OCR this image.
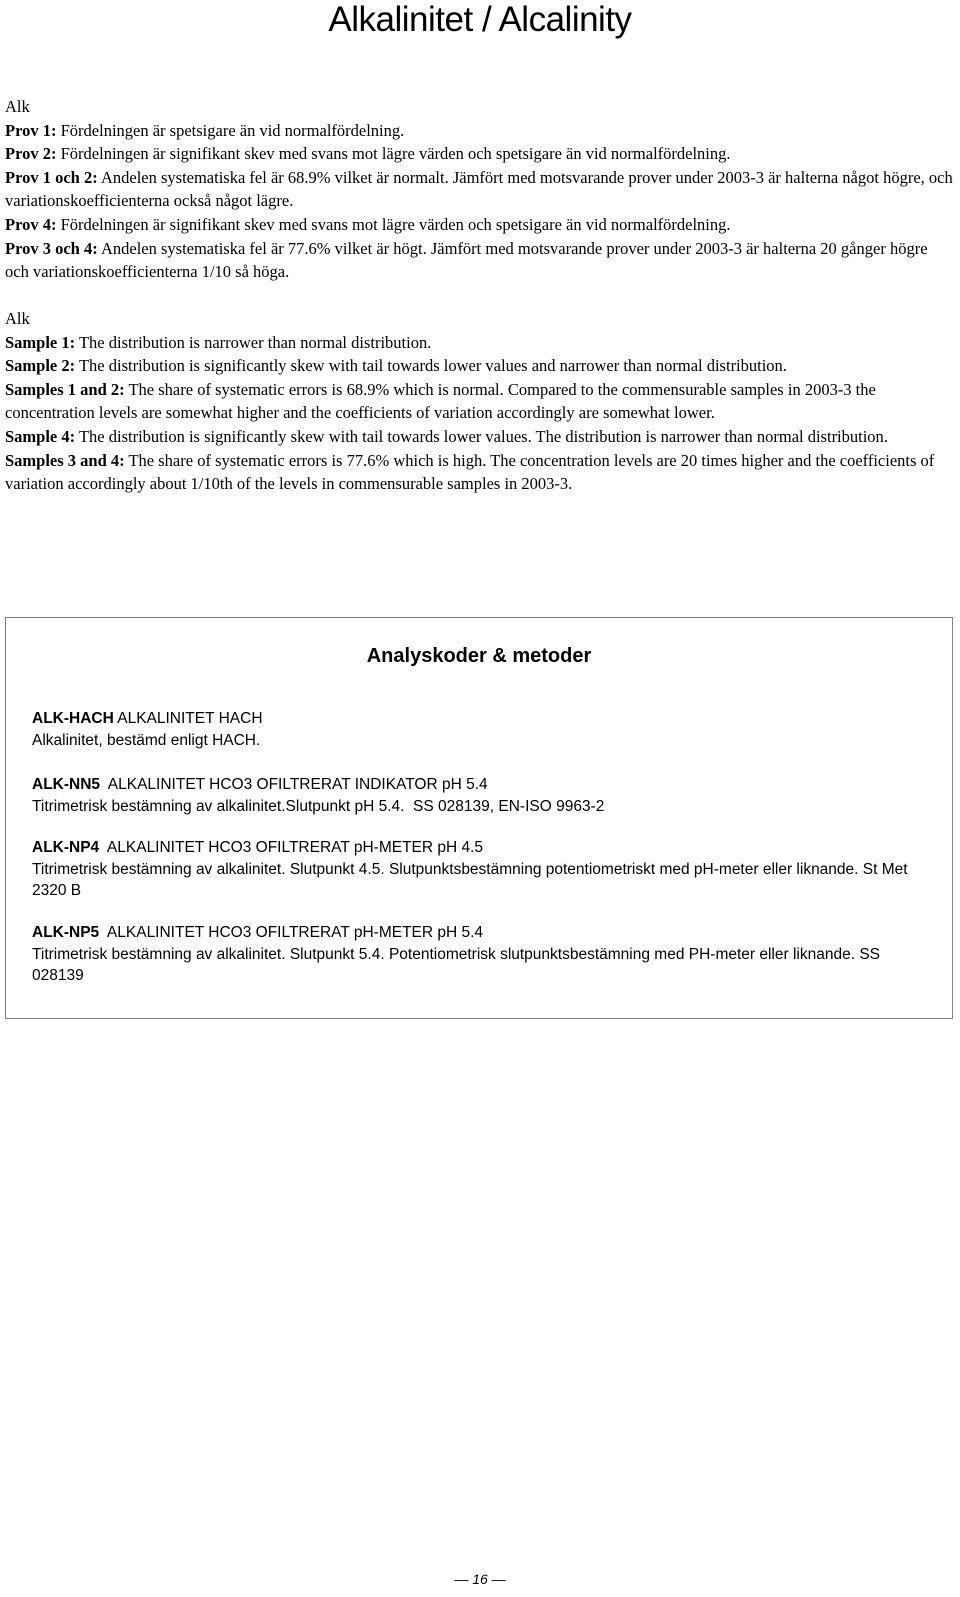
Alkalinitet / Alcalinity

Alk

Prov 1: Fördelningen är spetsigare än vid normalfördelning.

Prov 2: Fördelningen är signifikant skev med svans mot lägre värden och spetsigare än vid normalfördelning.

Prov 1 och 2: Andelen systematiska fel är 68.9% vilket är normalt. Jämfört med motsvarande prover under 2003-3 är halterna något högre, och variationskoefficienterna också något lägre.

Prov 4: Fördelningen är signifikant skev med svans mot lägre värden och spetsigare än vid normalfördelning.

Prov 3 och 4: Andelen systematiska fel är 77.6% vilket är högt. Jämfört med motsvarande prover under 2003-3 är halterna 20 gånger högre och variationskoefficienterna 1/10 så höga.

Alk

Sample 1: The distribution is narrower than normal distribution.

Sample 2: The distribution is significantly skew with tail towards lower values and narrower than normal distribution.

Samples 1 and 2: The share of systematic errors is 68.9% which is normal. Compared to the commensurable samples in 2003-3 the concentration levels are somewhat higher and the coefficients of variation accordingly are somewhat lower.

Sample 4: The distribution is significantly skew with tail towards lower values. The distribution is narrower than normal distribution.

Samples 3 and 4: The share of systematic errors is 77.6% which is high. The concentration levels are 20 times higher and the coefficients of variation accordingly about 1/10th of the levels in commensurable samples in 2003-3.

Analyskoder & metoder

ALK-HACH ALKALINITET HACH

Alkalinitet, bestämd enligt HACH.

ALK-NN5  ALKALINITET HCO3 OFILTRERAT INDIKATOR pH 5.4

Titrimetrisk bestämning av alkalinitet.Slutpunkt pH 5.4.  SS 028139, EN-ISO 9963-2

ALK-NP4  ALKALINITET HCO3 OFILTRERAT pH-METER pH 4.5

Titrimetrisk bestämning av alkalinitet. Slutpunkt 4.5. Slutpunktsbestämning potentiometriskt med pH-meter eller liknande. St Met 2320 B

ALK-NP5  ALKALINITET HCO3 OFILTRERAT pH-METER pH 5.4

Titrimetrisk bestämning av alkalinitet. Slutpunkt 5.4. Potentiometrisk slutpunktsbestämning med PH-meter eller liknande. SS 028139

— 16 —
